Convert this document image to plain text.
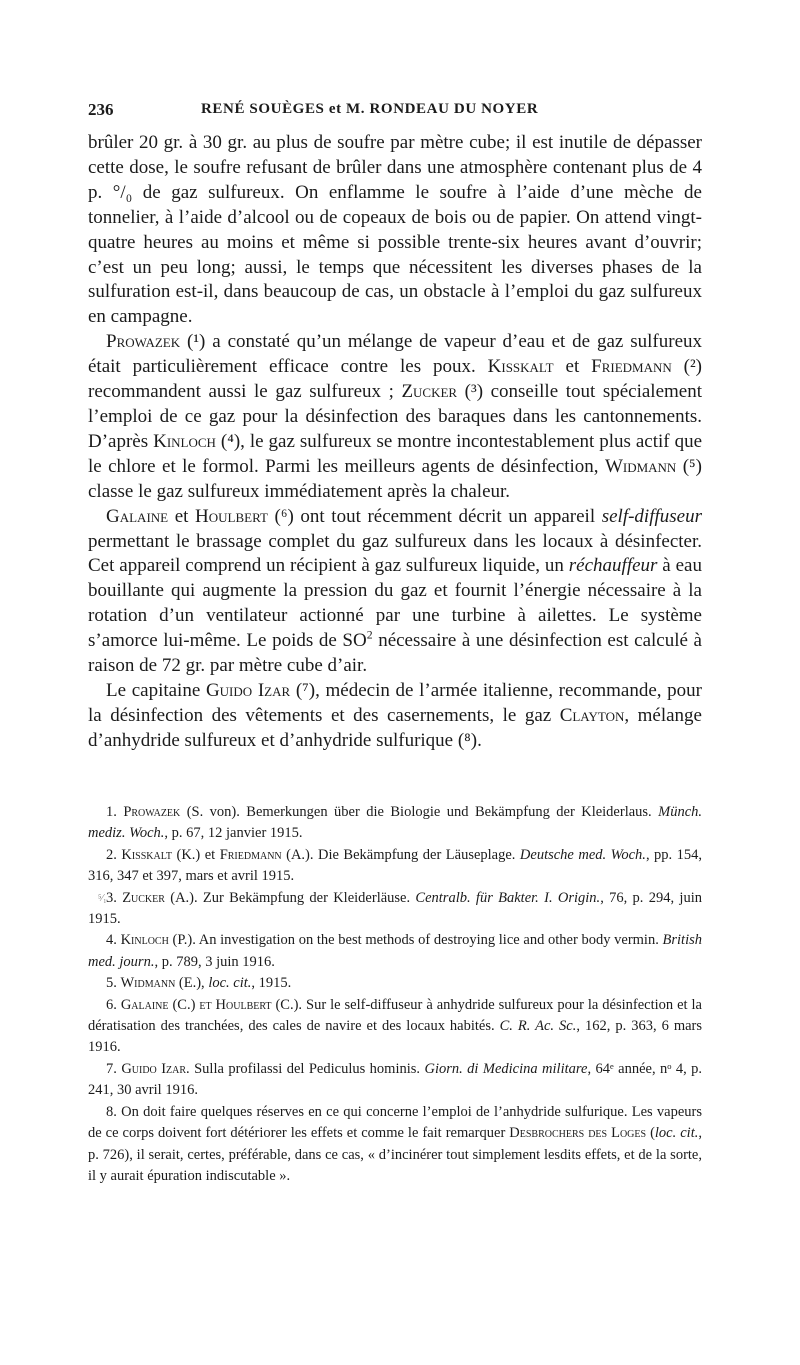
236	RENÉ SOUÈGES et M. RONDEAU DU NOYER

brûler 20 gr. à 30 gr. au plus de soufre par mètre cube; il est inutile de dépasser cette dose, le soufre refusant de brûler dans une atmosphère contenant plus de 4 p. °/₀ de gaz sulfureux. On enflamme le soufre à l’aide d’une mèche de tonnelier, à l’aide d’alcool ou de copeaux de bois ou de papier. On attend vingt-quatre heures au moins et même si possible trente-six heures avant d’ouvrir; c’est un peu long; aussi, le temps que nécessitent les diverses phases de la sulfuration est-il, dans beaucoup de cas, un obstacle à l’emploi du gaz sulfureux en campagne.

Prowazek (¹) a constaté qu’un mélange de vapeur d’eau et de gaz sulfureux était particulièrement efficace contre les poux. Kisskalt et Friedmann (²) recommandent aussi le gaz sulfureux ; Zucker (³) conseille tout spécialement l’emploi de ce gaz pour la désinfection des baraques dans les cantonnements. D’après Kinloch (⁴), le gaz sulfureux se montre incontestablement plus actif que le chlore et le formol. Parmi les meilleurs agents de désinfection, Widmann (⁵) classe le gaz sulfureux immédiatement après la chaleur.

Galaine et Houlbert (⁶) ont tout récemment décrit un appareil self-diffuseur permettant le brassage complet du gaz sulfureux dans les locaux à désinfecter. Cet appareil comprend un récipient à gaz sulfureux liquide, un réchauffeur à eau bouillante qui augmente la pression du gaz et fournit l’énergie nécessaire à la rotation d’un ventilateur actionné par une turbine à ailettes. Le système s’amorce lui-même. Le poids de $SO^2$ nécessaire à une désinfection est calculé à raison de 72 gr. par mètre cube d’air.

Le capitaine Guido Izar (⁷), médecin de l’armée italienne, recommande, pour la désinfection des vêtements et des casernements, le gaz Clayton, mélange d’anhydride sulfureux et d’anhydride sulfurique (⁸).

1. Prowazek (S. von). Bemerkungen über die Biologie und Bekämpfung der Kleiderlaus. Münch. mediz. Woch., p. 67, 12 janvier 1915.

2. Kisskalt (K.) et Friedmann (A.). Die Bekämpfung der Läuseplage. Deutsche med. Woch., pp. 154, 316, 347 et 397, mars et avril 1915.

⁵⁄₁ 3. Zucker (A.). Zur Bekämpfung der Kleiderläuse. Centralb. für Bakter. I. Origin., 76, p. 294, juin 1915.

4. Kinloch (P.). An investigation on the best methods of destroying lice and other body vermin. British med. journ., p. 789, 3 juin 1916.

5. Widmann (E.), loc. cit., 1915.

6. Galaine (C.) et Houlbert (C.). Sur le self-diffuseur à anhydride sulfureux pour la désinfection et la dératisation des tranchées, des cales de navire et des locaux habités. C. R. Ac. Sc., 162, p. 363, 6 mars 1916.

7. Guido Izar. Sulla profilassi del Pediculus hominis. Giorn. di Medicina militare, 64ᵉ année, nᵒ 4, p. 241, 30 avril 1916.

8. On doit faire quelques réserves en ce qui concerne l’emploi de l’anhydride sulfurique. Les vapeurs de ce corps doivent fort détériorer les effets et comme le fait remarquer Desbrochers des Loges (loc. cit., p. 726), il serait, certes, préférable, dans ce cas, « d’incinérer tout simplement lesdits effets, et de la sorte, il y aurait épuration indiscutable ».
